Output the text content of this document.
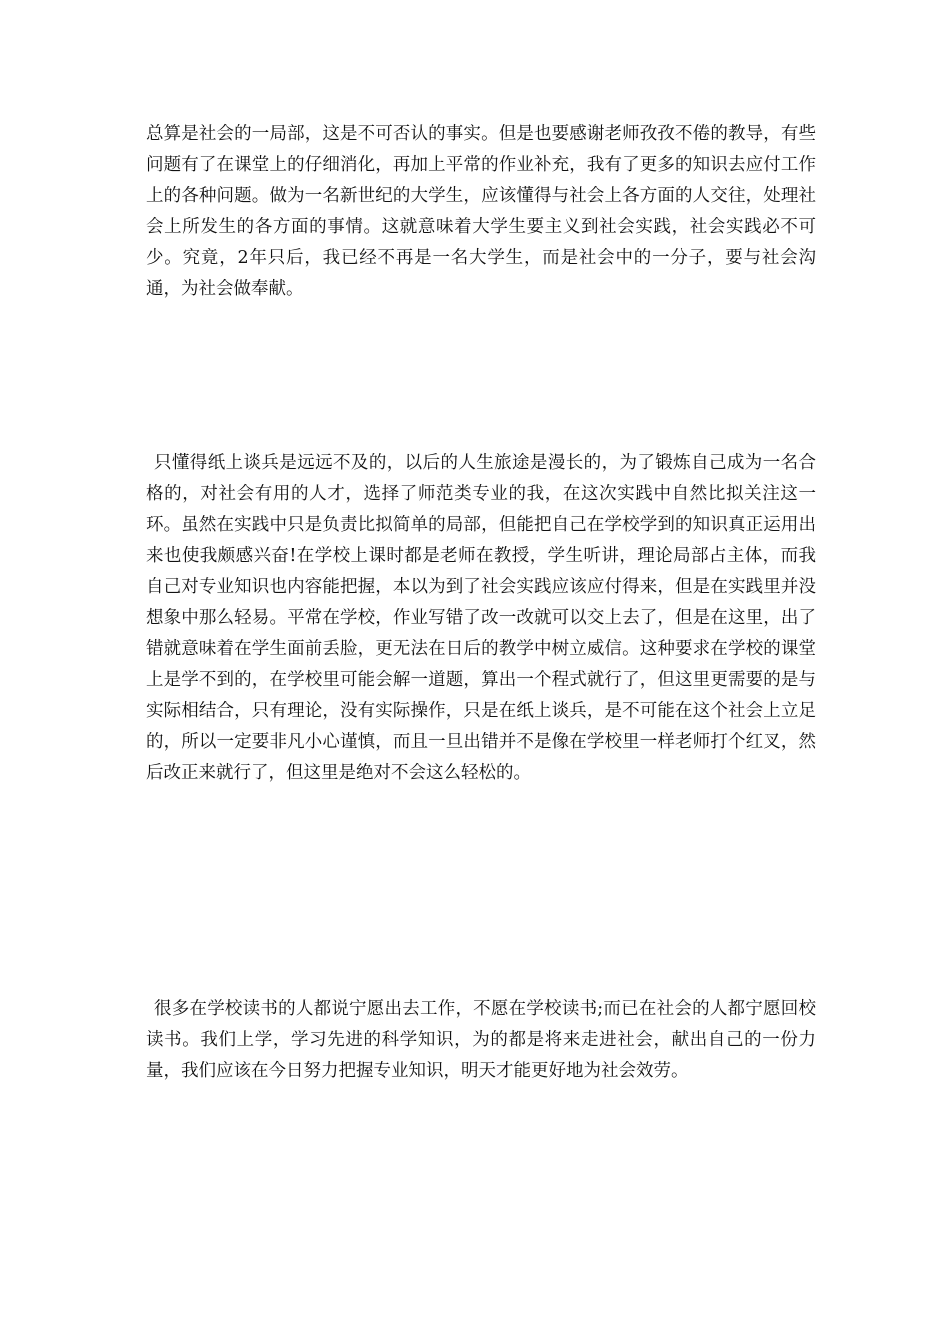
总算是社会的一局部，这是不可否认的事实。但是也要感谢老师孜孜不倦的教导，有些问题有了在课堂上的仔细消化，再加上平常的作业补充，我有了更多的知识去应付工作上的各种问题。做为一名新世纪的大学生，应该懂得与社会上各方面的人交往，处理社会上所发生的各方面的事情。这就意味着大学生要主义到社会实践，社会实践必不可少。究竟，2年只后，我已经不再是一名大学生，而是社会中的一分子，要与社会沟通，为社会做奉献。

只懂得纸上谈兵是远远不及的，以后的人生旅途是漫长的，为了锻炼自己成为一名合格的，对社会有用的人才，选择了师范类专业的我，在这次实践中自然比拟关注这一环。虽然在实践中只是负责比拟简单的局部，但能把自己在学校学到的知识真正运用出来也使我颇感兴奋!在学校上课时都是老师在教授，学生听讲，理论局部占主体，而我自己对专业知识也内容能把握，本以为到了社会实践应该应付得来，但是在实践里并没想象中那么轻易。平常在学校，作业写错了改一改就可以交上去了，但是在这里，出了错就意味着在学生面前丢脸，更无法在日后的教学中树立威信。这种要求在学校的课堂上是学不到的，在学校里可能会解一道题，算出一个程式就行了，但这里更需要的是与实际相结合，只有理论，没有实际操作，只是在纸上谈兵，是不可能在这个社会上立足的，所以一定要非凡小心谨慎，而且一旦出错并不是像在学校里一样老师打个红叉，然后改正来就行了，但这里是绝对不会这么轻松的。

很多在学校读书的人都说宁愿出去工作，不愿在学校读书;而已在社会的人都宁愿回校读书。我们上学，学习先进的科学知识，为的都是将来走进社会，献出自己的一份力量，我们应该在今日努力把握专业知识，明天才能更好地为社会效劳。
